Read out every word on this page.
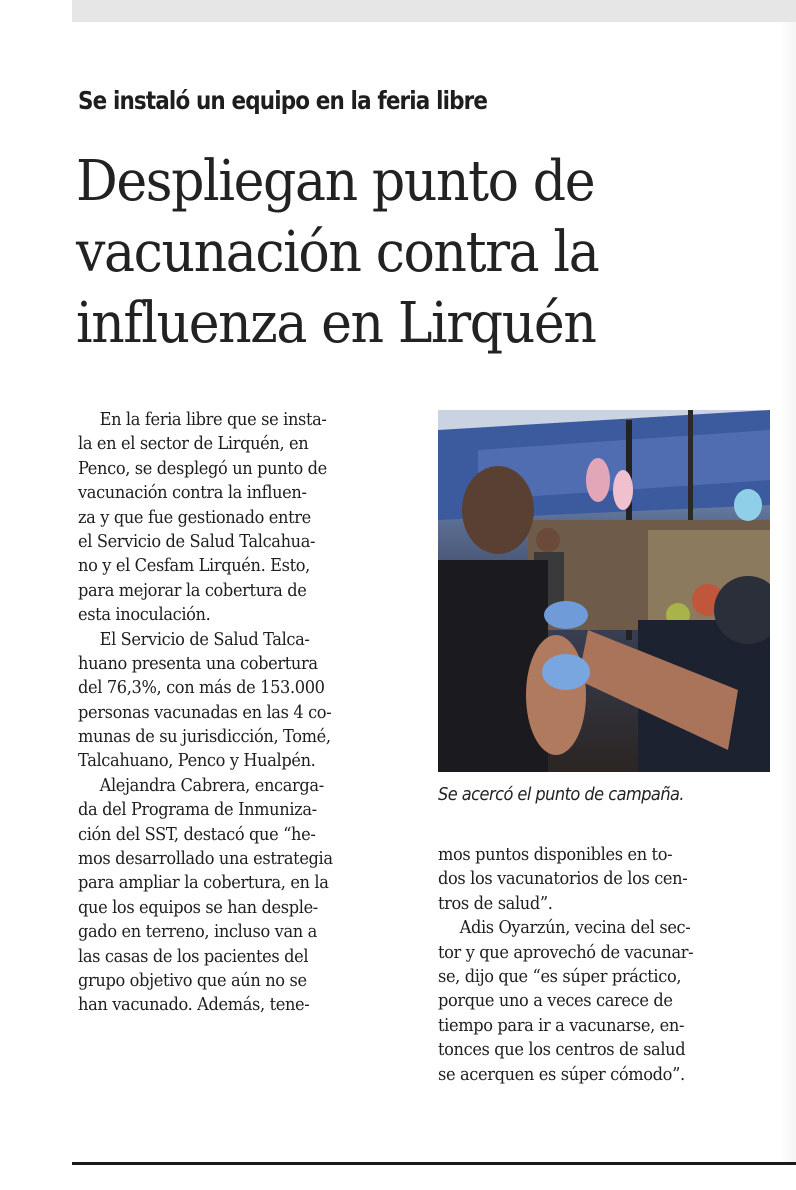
Se instaló un equipo en la feria libre
Despliegan punto de
vacunación contra la
influenza en Lirquén
En la feria libre que se insta-
la en el sector de Lirquén, en
Penco, se desplegó un punto de
vacunación contra la influen-
za y que fue gestionado entre
el Servicio de Salud Talcahua-
no y el Cesfam Lirquén. Esto,
para mejorar la cobertura de
esta inoculación.
El Servicio de Salud Talca-
huano presenta una cobertura
del 76,3%, con más de 153.000
personas vacunadas en las 4 co-
munas de su jurisdicción, Tomé,
Talcahuano, Penco y Hualpén.
Alejandra Cabrera, encarga-
da del Programa de Inmuniza-
ción del SST, destacó que “he-
mos desarrollado una estrategia
para ampliar la cobertura, en la
que los equipos se han desple-
gado en terreno, incluso van a
las casas de los pacientes del
grupo objetivo que aún no se
han vacunado. Además, tene-
Se acercó el punto de campaña.
mos puntos disponibles en to-
dos los vacunatorios de los cen-
tros de salud”.
Adis Oyarzún, vecina del sec-
tor y que aprovechó de vacunar-
se, dijo que “es súper práctico,
porque uno a veces carece de
tiempo para ir a vacunarse, en-
tonces que los centros de salud
se acerquen es súper cómodo”.
